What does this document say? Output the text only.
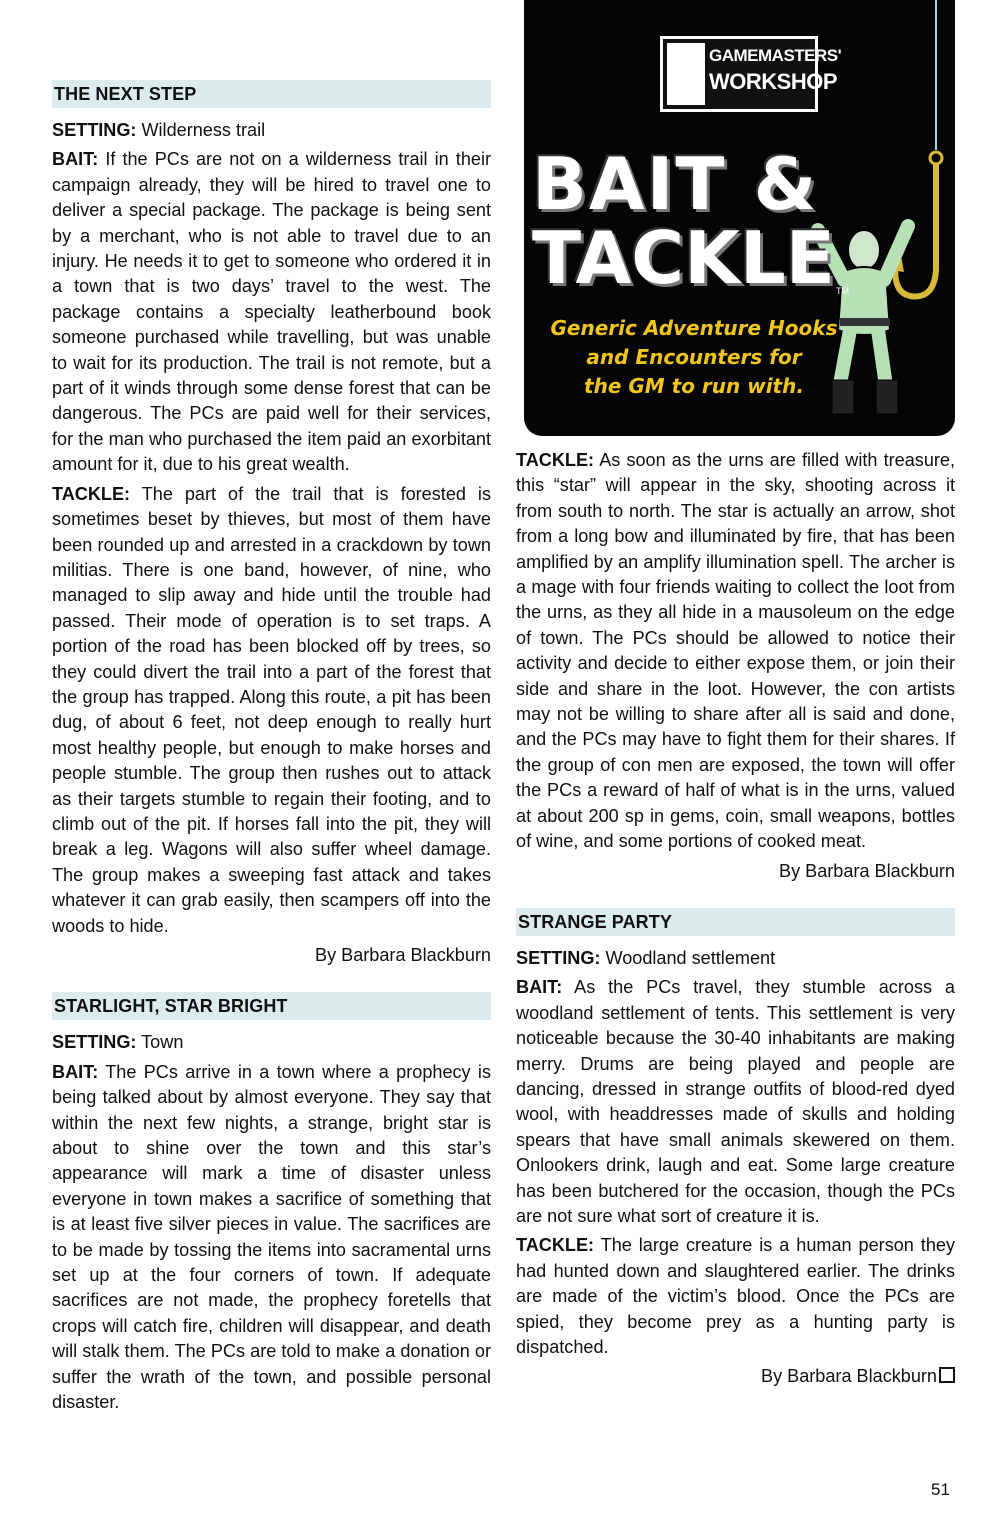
GAMEMASTERS'
WORKSHOP
BAIT &
TACKLE TM
Generic Adventure Hooks
and Encounters for
the GM to run with.
THE NEXT STEP

SETTING: Wilderness trail

BAIT: If the PCs are not on a wilderness trail in their campaign already, they will be hired to travel one to deliver a special package. The package is being sent by a merchant, who is not able to travel due to an injury. He needs it to get to someone who ordered it in a town that is two days’ travel to the west. The package contains a specialty leatherbound book someone purchased while travelling, but was unable to wait for its production. The trail is not remote, but a part of it winds through some dense forest that can be dangerous. The PCs are paid well for their services, for the man who purchased the item paid an exorbitant amount for it, due to his great wealth.

TACKLE: The part of the trail that is forested is sometimes beset by thieves, but most of them have been rounded up and arrested in a crackdown by town militias. There is one band, however, of nine, who managed to slip away and hide until the trouble had passed. Their mode of operation is to set traps. A portion of the road has been blocked off by trees, so they could divert the trail into a part of the forest that the group has trapped. Along this route, a pit has been dug, of about 6 feet, not deep enough to really hurt most healthy people, but enough to make horses and people stumble. The group then rushes out to attack as their targets stumble to regain their footing, and to climb out of the pit. If horses fall into the pit, they will break a leg. Wagons will also suffer wheel damage. The group makes a sweeping fast attack and takes whatever it can grab easily, then scampers off into the woods to hide.

By Barbara Blackburn

STARLIGHT, STAR BRIGHT

SETTING: Town

BAIT: The PCs arrive in a town where a prophecy is being talked about by almost everyone. They say that within the next few nights, a strange, bright star is about to shine over the town and this star’s appearance will mark a time of disaster unless everyone in town makes a sacrifice of something that is at least five silver pieces in value. The sacrifices are to be made by tossing the items into sacramental urns set up at the four corners of town. If adequate sacrifices are not made, the prophecy foretells that crops will catch fire, children will disappear, and death will stalk them. The PCs are told to make a donation or suffer the wrath of the town, and possible personal disaster.

TACKLE: As soon as the urns are filled with treasure, this “star” will appear in the sky, shooting across it from south to north. The star is actually an arrow, shot from a long bow and illuminated by fire, that has been amplified by an amplify illumination spell. The archer is a mage with four friends waiting to collect the loot from the urns, as they all hide in a mausoleum on the edge of town. The PCs should be allowed to notice their activity and decide to either expose them, or join their side and share in the loot. However, the con artists may not be willing to share after all is said and done, and the PCs may have to fight them for their shares. If the group of con men are exposed, the town will offer the PCs a reward of half of what is in the urns, valued at about 200 sp in gems, coin, small weapons, bottles of wine, and some portions of cooked meat.

By Barbara Blackburn

STRANGE PARTY

SETTING: Woodland settlement

BAIT: As the PCs travel, they stumble across a woodland settlement of tents. This settlement is very noticeable because the 30-40 inhabitants are making merry. Drums are being played and people are dancing, dressed in strange outfits of blood-red dyed wool, with headdresses made of skulls and holding spears that have small animals skewered on them. Onlookers drink, laugh and eat. Some large creature has been butchered for the occasion, though the PCs are not sure what sort of creature it is.

TACKLE: The large creature is a human person they had hunted down and slaughtered earlier. The drinks are made of the victim’s blood. Once the PCs are spied, they become prey as a hunting party is dispatched.

By Barbara Blackburn

51
